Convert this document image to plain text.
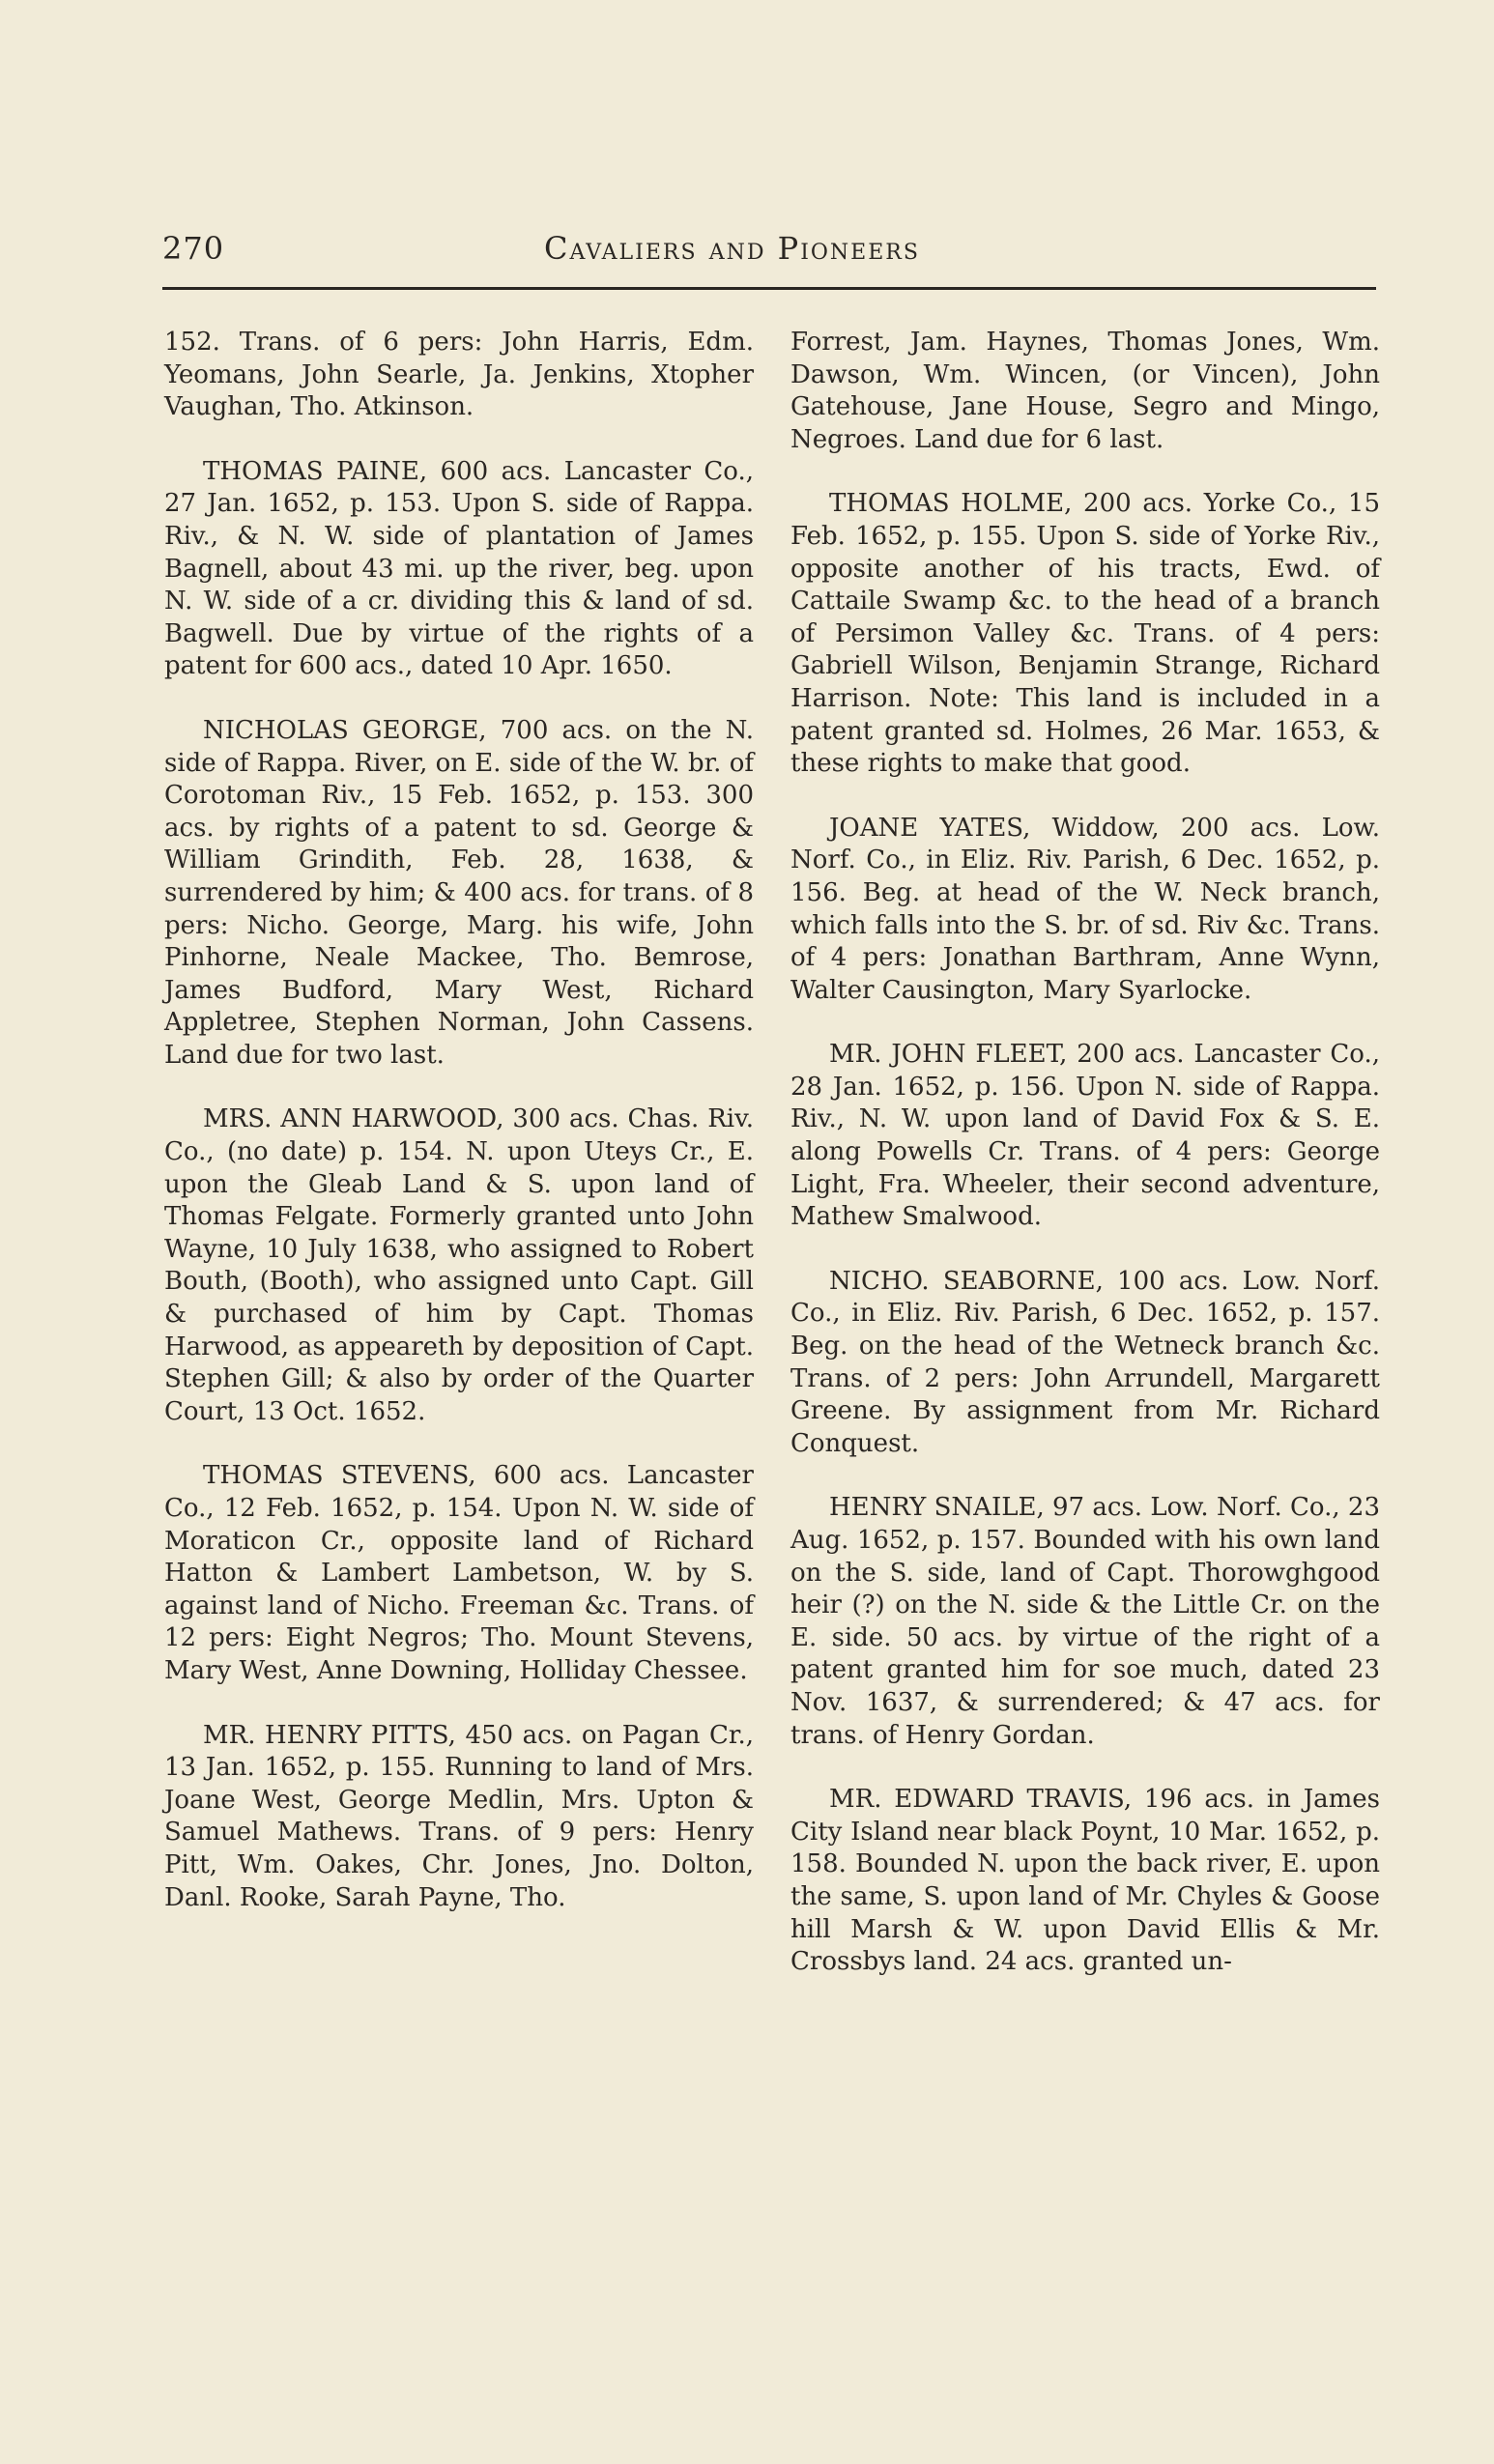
270	Cavaliers and Pioneers

152. Trans. of 6 pers: John Harris, Edm. Yeomans, John Searle, Ja. Jenkins, Xtopher Vaughan, Tho. Atkinson.

THOMAS PAINE, 600 acs. Lancaster Co., 27 Jan. 1652, p. 153. Upon S. side of Rappa. Riv., & N. W. side of plantation of James Bagnell, about 43 mi. up the river, beg. upon N. W. side of a cr. dividing this & land of sd. Bagwell. Due by virtue of the rights of a patent for 600 acs., dated 10 Apr. 1650.

NICHOLAS GEORGE, 700 acs. on the N. side of Rappa. River, on E. side of the W. br. of Corotoman Riv., 15 Feb. 1652, p. 153. 300 acs. by rights of a patent to sd. George & William Grindith, Feb. 28, 1638, & surrendered by him; & 400 acs. for trans. of 8 pers: Nicho. George, Marg. his wife, John Pinhorne, Neale Mackee, Tho. Bemrose, James Budford, Mary West, Richard Appletree, Stephen Norman, John Cassens. Land due for two last.

MRS. ANN HARWOOD, 300 acs. Chas. Riv. Co., (no date) p. 154. N. upon Uteys Cr., E. upon the Gleab Land & S. upon land of Thomas Felgate. Formerly granted unto John Wayne, 10 July 1638, who assigned to Robert Bouth, (Booth), who assigned unto Capt. Gill & purchased of him by Capt. Thomas Harwood, as appeareth by deposition of Capt. Stephen Gill; & also by order of the Quarter Court, 13 Oct. 1652.

THOMAS STEVENS, 600 acs. Lancaster Co., 12 Feb. 1652, p. 154. Upon N. W. side of Moraticon Cr., opposite land of Richard Hatton & Lambert Lambetson, W. by S. against land of Nicho. Freeman &c. Trans. of 12 pers: Eight Negros; Tho. Mount Stevens, Mary West, Anne Downing, Holliday Chessee.

MR. HENRY PITTS, 450 acs. on Pagan Cr., 13 Jan. 1652, p. 155. Running to land of Mrs. Joane West, George Medlin, Mrs. Upton & Samuel Mathews. Trans. of 9 pers: Henry Pitt, Wm. Oakes, Chr. Jones, Jno. Dolton, Danl. Rooke, Sarah Payne, Tho.

Forrest, Jam. Haynes, Thomas Jones, Wm. Dawson, Wm. Wincen, (or Vincen), John Gatehouse, Jane House, Segro and Mingo, Negroes. Land due for 6 last.

THOMAS HOLME, 200 acs. Yorke Co., 15 Feb. 1652, p. 155. Upon S. side of Yorke Riv., opposite another of his tracts, Ewd. of Cattaile Swamp &c. to the head of a branch of Persimon Valley &c. Trans. of 4 pers: Gabriell Wilson, Benjamin Strange, Richard Harrison. Note: This land is included in a patent granted sd. Holmes, 26 Mar. 1653, & these rights to make that good.

JOANE YATES, Widdow, 200 acs. Low. Norf. Co., in Eliz. Riv. Parish, 6 Dec. 1652, p. 156. Beg. at head of the W. Neck branch, which falls into the S. br. of sd. Riv &c. Trans. of 4 pers: Jonathan Barthram, Anne Wynn, Walter Causington, Mary Syarlocke.

MR. JOHN FLEET, 200 acs. Lancaster Co., 28 Jan. 1652, p. 156. Upon N. side of Rappa. Riv., N. W. upon land of David Fox & S. E. along Powells Cr. Trans. of 4 pers: George Light, Fra. Wheeler, their second adventure, Mathew Smalwood.

NICHO. SEABORNE, 100 acs. Low. Norf. Co., in Eliz. Riv. Parish, 6 Dec. 1652, p. 157. Beg. on the head of the Wetneck branch &c. Trans. of 2 pers: John Arrundell, Margarett Greene. By assignment from Mr. Richard Conquest.

HENRY SNAILE, 97 acs. Low. Norf. Co., 23 Aug. 1652, p. 157. Bounded with his own land on the S. side, land of Capt. Thorowghgood heir (?) on the N. side & the Little Cr. on the E. side. 50 acs. by virtue of the right of a patent granted him for soe much, dated 23 Nov. 1637, & surrendered; & 47 acs. for trans. of Henry Gordan.

MR. EDWARD TRAVIS, 196 acs. in James City Island near black Poynt, 10 Mar. 1652, p. 158. Bounded N. upon the back river, E. upon the same, S. upon land of Mr. Chyles & Goose hill Marsh & W. upon David Ellis & Mr. Crossbys land. 24 acs. granted un-
